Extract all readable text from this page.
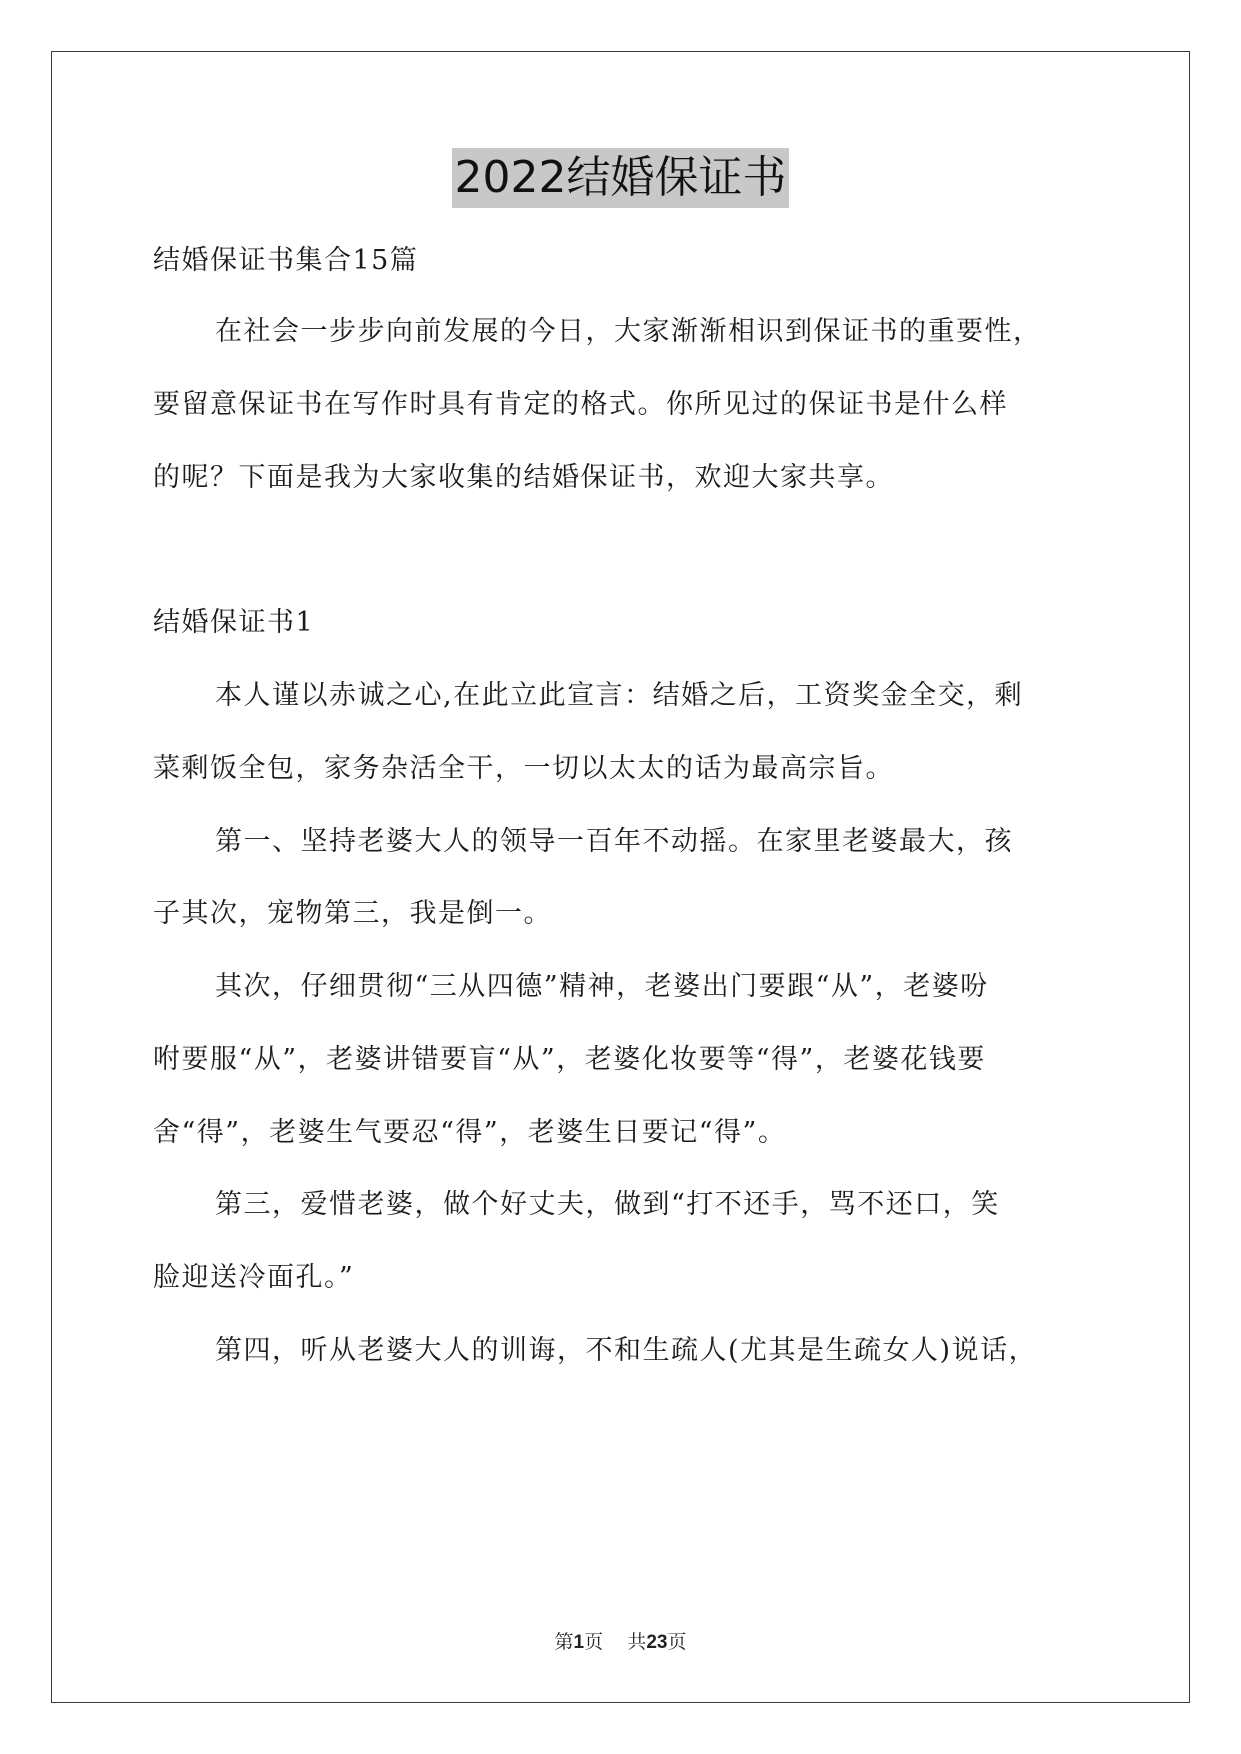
2022结婚保证书
结婚保证书集合15篇
在社会一步步向前发展的今日，大家渐渐相识到保证书的重要性，
要留意保证书在写作时具有肯定的格式。你所见过的保证书是什么样
的呢？下面是我为大家收集的结婚保证书，欢迎大家共享。
结婚保证书1
本人谨以赤诚之心,在此立此宣言：结婚之后，工资奖金全交，剩
菜剩饭全包，家务杂活全干，一切以太太的话为最高宗旨。
第一、坚持老婆大人的领导一百年不动摇。在家里老婆最大，孩
子其次，宠物第三，我是倒一。
其次，仔细贯彻“三从四德”精神，老婆出门要跟“从”，老婆吩
咐要服“从”，老婆讲错要盲“从”，老婆化妆要等“得”，老婆花钱要
舍“得”，老婆生气要忍“得”，老婆生日要记“得”。
第三，爱惜老婆，做个好丈夫，做到“打不还手，骂不还口，笑
脸迎送冷面孔。”
第四，听从老婆大人的训诲，不和生疏人(尤其是生疏女人)说话，
第1页 共23页
